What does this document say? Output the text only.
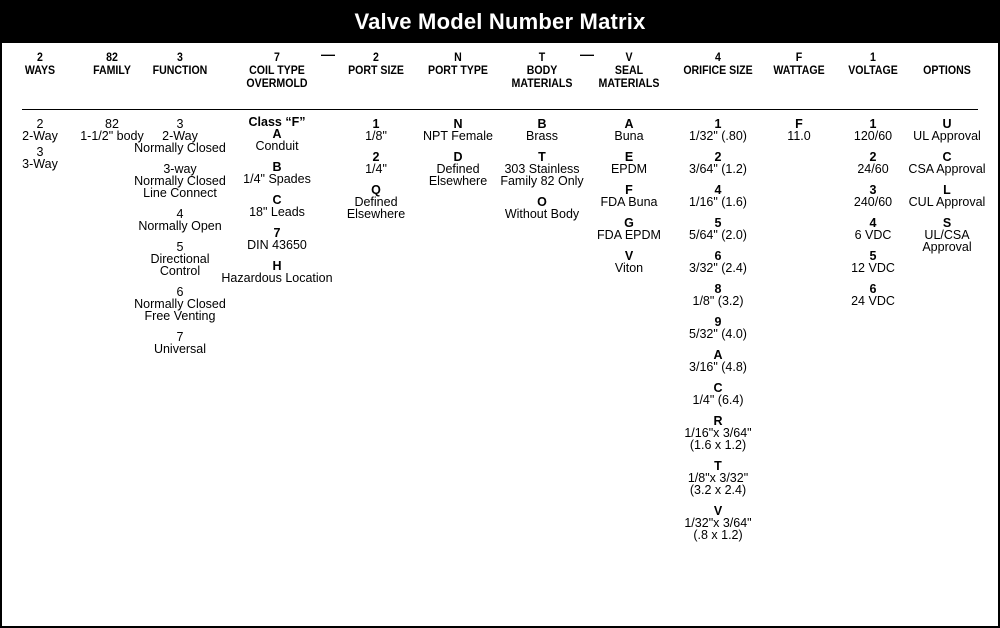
Valve Model Number Matrix
—	—
2
WAYS
2
2-Way
3
3-Way
82
FAMILY
82
1-1/2" body
3
FUNCTION
3
2-Way
Normally Closed
3-way
Normally Closed
Line Connect
4
Normally Open
5
Directional
Control
6
Normally Closed
Free Venting
7
Universal
7
COIL TYPE
OVERMOLD
Class “F”
A
Conduit
B
1/4" Spades
C
18" Leads
7
DIN 43650
H
Hazardous Location
2
PORT SIZE
1
1/8"
2
1/4"
Q
Defined
Elsewhere
N
PORT TYPE
N
NPT Female
D
Defined
Elsewhere
T
BODY
MATERIALS
B
Brass
T
303 Stainless
Family 82 Only
O
Without Body
V
SEAL
MATERIALS
A
Buna
E
EPDM
F
FDA Buna
G
FDA EPDM
V
Viton
4
ORIFICE SIZE
1
1/32" (.80)
2
3/64" (1.2)
4
1/16" (1.6)
5
5/64" (2.0)
6
3/32" (2.4)
8
1/8" (3.2)
9
5/32" (4.0)
A
3/16" (4.8)
C
1/4" (6.4)
R
1/16"x 3/64"
(1.6 x 1.2)
T
1/8"x 3/32"
(3.2 x 2.4)
V
1/32"x 3/64"
(.8 x 1.2)
F
WATTAGE
F
11.0
1
VOLTAGE
1
120/60
2
24/60
3
240/60
4
6 VDC
5
12 VDC
6
24 VDC

OPTIONS
U
UL Approval
C
CSA Approval
L
CUL Approval
S
UL/CSA
Approval
